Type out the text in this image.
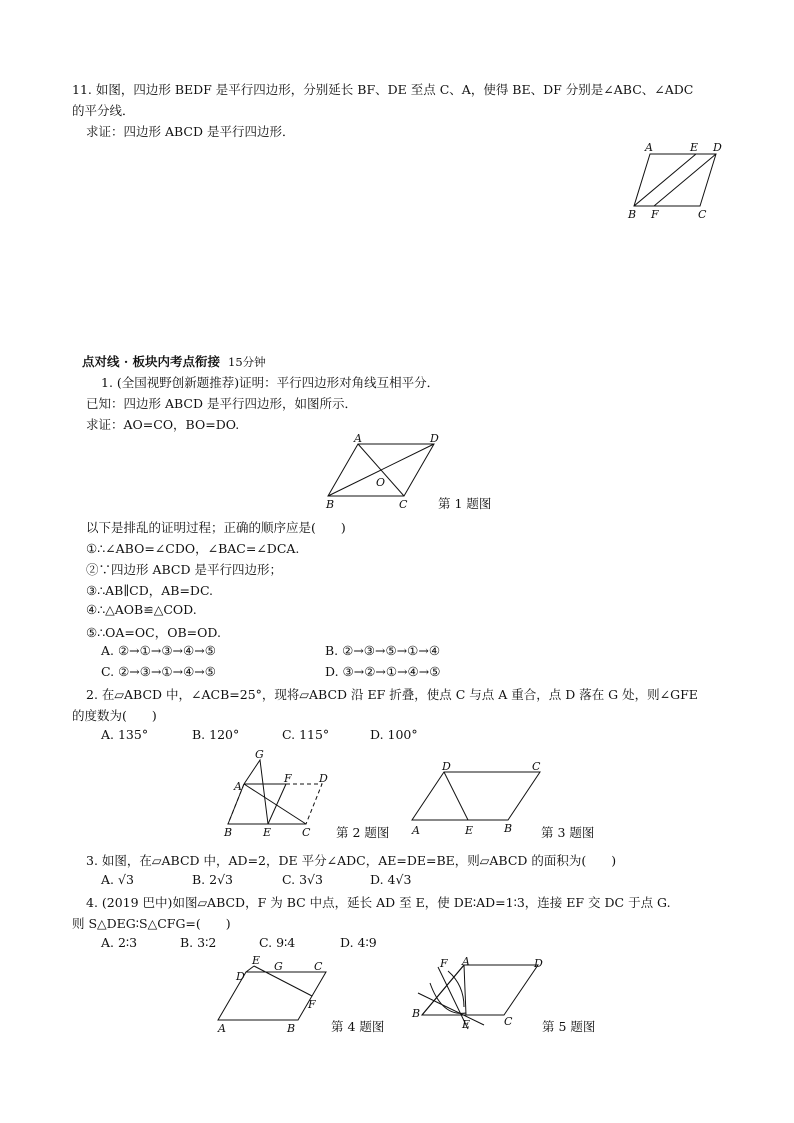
11. 如图，四边形 BEDF 是平行四边形，分别延长 BF、DE 至点 C、A，使得 BE、DF 分别是∠ABC、∠ADC
的平分线．
求证：四边形 ABCD 是平行四边形．
A	E D
B F	C
点对线 · 板块内考点衔接 15分钟
1. (全国视野创新题推荐)证明：平行四边形对角线互相平分．
已知：四边形 ABCD 是平行四边形，如图所示．
求证：AO=CO，BO=DO.
A	D
B	C
O
第 1 题图
以下是排乱的证明过程；正确的顺序应是(　　)
①∴∠ABO=∠CDO，∠BAC=∠DCA.
②∵四边形 ABCD 是平行四边形；
③∴AB∥CD，AB=DC.
④∴△AOB≌△COD.
⑤∴OA=OC，OB=OD.
A. ②→①→③→④→⑤	B. ②→③→⑤→①→④
C. ②→③→①→④→⑤	D. ③→②→①→④→⑤
2. 在▱ABCD 中，∠ACB=25°，现将▱ABCD 沿 EF 折叠，使点 C 与点 A 重合，点 D 落在 G 处，则∠GFE
的度数为(　　)
A. 135°	B. 120°	C. 115°	D. 100°
G
A
F D
B	E	C 第 2 题图
D	C
A	E	B 第 3 题图
3. 如图，在▱ABCD 中，AD=2，DE 平分∠ADC，AE=DE=BE，则▱ABCD 的面积为(　　)
A. √3	B. 2√3	C. 3√3	D. 4√3
4. (2019 巴中)如图▱ABCD，F 为 BC 中点，延长 AD 至 E，使 DE∶AD=1∶3，连接 EF 交 DC 于点 G.
则 S△DEG∶S△CFG=(　　)
A. 2∶3	B. 3∶2	C. 9∶4	D. 4∶9
E G
D
C
F
A	B	第 4 题图
F A	D
B
E	C 第 5 题图
